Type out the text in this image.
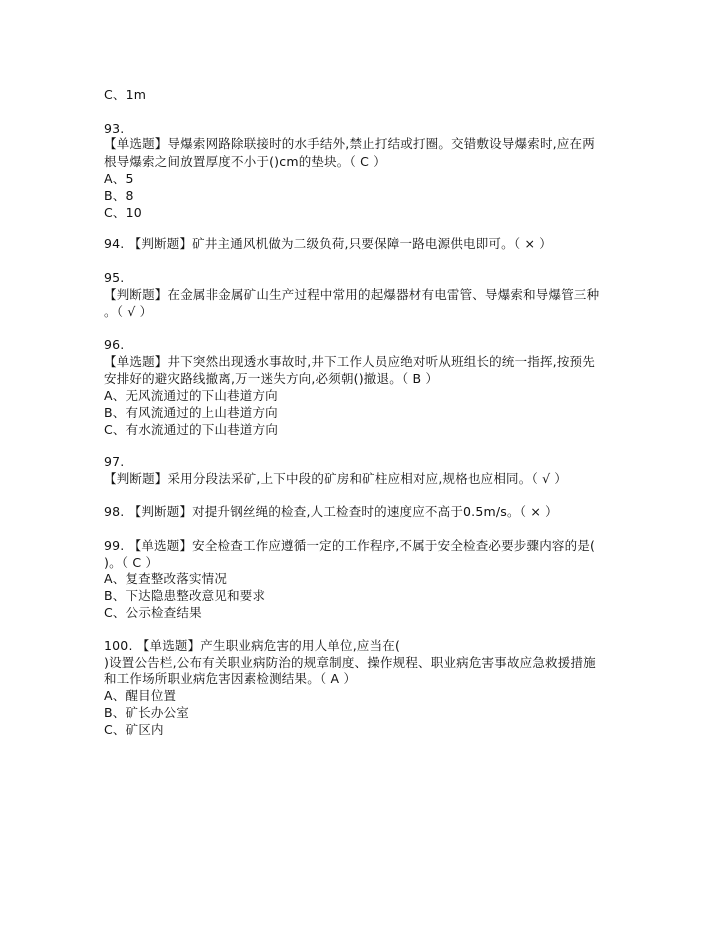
C、1m
93.
【单选题】导爆索网路除联接时的水手结外,禁止打结或打圈。交错敷设导爆索时,应在两
根导爆索之间放置厚度不小于()cm的垫块。（ C ）
A、5
B、8
C、10
94. 【判断题】矿井主通风机做为二级负荷,只要保障一路电源供电即可。（ × ）
95.
【判断题】在金属非金属矿山生产过程中常用的起爆器材有电雷管、导爆索和导爆管三种
。（ √ ）
96.
【单选题】井下突然出现透水事故时,井下工作人员应绝对听从班组长的统一指挥,按预先
安排好的避灾路线撤离,万一迷失方向,必须朝()撤退。（ B ）
A、无风流通过的下山巷道方向
B、有风流通过的上山巷道方向
C、有水流通过的下山巷道方向
97.
【判断题】采用分段法采矿,上下中段的矿房和矿柱应相对应,规格也应相同。（ √ ）
98. 【判断题】对提升钢丝绳的检查,人工检查时的速度应不高于0.5m/s。（ × ）
99. 【单选题】安全检查工作应遵循一定的工作程序,不属于安全检查必要步骤内容的是(
)。（ C ）
A、复查整改落实情况
B、下达隐患整改意见和要求
C、公示检查结果
100. 【单选题】产生职业病危害的用人单位,应当在(
)设置公告栏,公布有关职业病防治的规章制度、操作规程、职业病危害事故应急救援措施
和工作场所职业病危害因素检测结果。（ A ）
A、醒目位置
B、矿长办公室
C、矿区内
